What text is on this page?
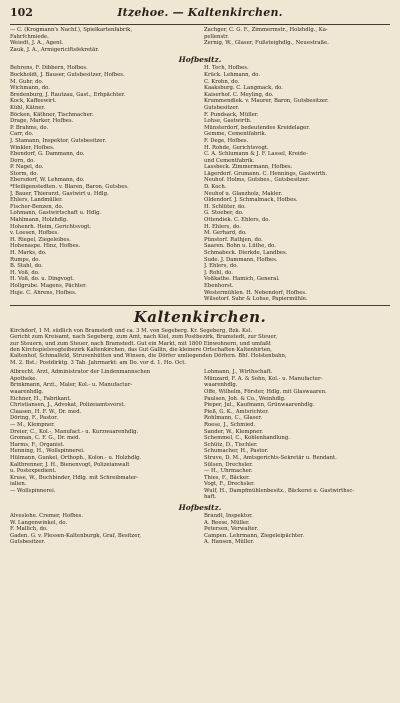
102	Itzehoe. — Kaltenkirchen.
— C. (Krogmann's Nachf.), Spielkartenfabrik,
Fahrfchmiede.
Weiedt, J. A., Agent.
Zauk, J. A., Armigericiftsfekretär.
Zachger, C. G. F., Zimmermstr., Holzhdlg., Ka-
pellenstr.
Zernig, W., Glaser, Fußsteighdlg., Neuestraße.
Hofbesitz.
Behrens, F. Dibbern, Hofbes.
Bockholdt, J. Bauser, Gutsbesitzer, Hofbes.
M. Guhr, do.
Wichmann, do.
Bredenburg, J. Rautzau, Gast., Erbpächter.
Kock, Kaffeewirt.
Kühl, Kätner.
Böcken, Käthner, Tischmacher.
Drage, Marker, Hofbes.
P. Brahms, do.
Carr, do.
J. Stamann, Inspektor, Gutsbesitzer.
Winkler, Hofbes.
Ebendorf, G. Dammann, do.
Dorn, do.
P. Nagel, do.
Storm, do.
Ebersdorf, W. Lehmann, do.
*Heiligenstedten. v. Blaren, Baron, Gutsbes.
J. Bauer, Thierarzt, Gastwirt u. Hdlg.
Ehlers, Landmüller.
Fischer-Benzen, do.
Lohmann, Gastwirtschaft u. Hdlg.
Mahlmann, Holzhdlg.
Hohenrh. Heim, Gerichtsvogt.
v. Loesen, Hofbes.
H. Riegel, Ziegeleibes.
Hohenaspe. Hinz, Hofbes.
H. Marks, do.
Rumps, do.
B. Stahl, do.
H. Voß, do.
H. Voß, do. u. Dingvogt.
Hollgrube. Magens, Pächter.
Huje. C. Ahrens, Hofbes.
H. Tech, Hofbes.
Krück. Lehmann, do.
C. Krohn, do.
Kaaksburg. C. Langmack, do.
Kaiserhof. C. Meyling, do.
Krummendiek. v. Maurer, Baron, Gutsbesitzer.
Gutsbesitzer.
F. Pundsack, Müller.
Lohse, Gastwirth.
Münsterdorf, bedeutendes Kreidelager.
Gemme, Cementfabrik.
F. Dege, Hofbes.
H. Rohde, Gerichtsvogt.
C. A. Schlumann & J. F. Lassel, Kreide-
und Cementfabrik.
Lassbeck. Zimmermann, Hofbes.
Lägerdorf. Grumann. C. Hennings, Gastwirth.
Neuhof. Holms, Gutsbes., Gutsbesitzer.
D. Koch.
Neuhof u. Glanzholz, Makler.
Oldendorf. J. Schmalmack, Hofbes.
H. Schlüter, do.
G. Stoeber, do.
Ottendiek. C. Ehlers, do.
H. Ehlers, do.
M. Gerhard, do.
Pünstorf. Rathjen, do.
Saaren. Bohn u. Lüthe, do.
Schmabeck. Dierkde, Landbes.
Sude. J. Dammann, Hofbes.
J. Ehlers, do.
J. Rohl, do.
Voßkathe. Hamich, General.
Ebenhorst.
Westermühlen. H. Nebendorf, Hofbes.
Wilsetorf. Suhr & Lohse, Papiermühle.
Kaltenkirchen.
Kirchdorf, 1 M. südlich von Bramstedt und ca. 3 M. von Segeberg. Kr. Segeberg, Bzk. Ksl.
Gericht zum Kreisamt, nach Segeberg, zum Amt, nach Kiel, zum Postbezirk, Bramstedt, zur Steuer,
zur Steuern, und zum Steuer, nach Bramstedt. Gut ein Markt, mit 1800 Einwohnern, und umfaßt
den Kirchspielsvogteibezirk Kaltenkirchen, das Gut Gallin, die kleinere Ortschaften Kaltenhirten,
Kaltenhof, Schmalfeld, Struvenhütten und Winsen, die Dörfer umliegenden Dörfern. Bhf. Holstenbahn,
M. 2. Bst.: Postdirktg. 3 Tab. Jahrmarkt: am Do. vor d. 1. Ho. Oct.
Albrecht, Arzt, Administrator der Lindenmannschen
Apotheke.
Brinkmann, Arzt., Maler, Kol.- u. Manufactur-
waarenhdlg.
Eichner, H., Fabrikant.
Christiansen, J., Advokat, Polizeiamtsvorst.
Claasen, H. F. W., Dr. med.
Döring, F., Pastor.
— M., Klempner.
Dreier, C., Kol.-, Manufact.- u. Kurzwaarenhdlg.
Groman, C. F. G., Dr. med.
Harms, F., Organist.
Henning, H., Wollspinnerei.
Hülmann, Gunkel, Orthoph., Kolon.- u. Holzhdlg.
Kaltbrenner, J. H., Bienenvogt, Polizeianwalt
u. Postexpedient.
Kruse, W., Buchbinder, Hdlg. mit Schreibmater-
ialien.
— Wollspinnerei.
Lohmann, J., Wirthschaft.
Münzard, F. A. & Sohn, Kol.- u. Manufactur-
waarenhdlg.
Offe, Wilhelm, Förster, Hdlg. mit Glaswaaren.
Paulsen, Joh. & Co., Weinhdlg.
Pieper, Jul., Kaufmann, Grünwaarenhdlg.
Pieß, G. K., Amtsrichter.
Rohlmann, C., Glaser.
Roese, J., Schmied.
Sander, W., Klempner.
Schemmel, C., Kohlenhandlung.
Schütz, D., Tischler.
Schumacher, H., Pastor.
Struve, D. M., Amtsgerichts-Sekretär u. Rendant.
Sülsen, Drechsler.
— H., Uhrmacher.
Thies, F., Bäcker.
Vogt, F., Drechsler.
Wulf, H., Dampfmühlenbesitz., Bäckerei u. Gastwirthsc-
haft.
Hofbesitz.
Alveslohe. Cremer, Hofbes.
W. Langenwinkel, do.
F. Mallich, do.
Gaden. G. v. Plessen-Kaltenburgk, Graf, Besitzer,
Gutsbesitzer.
Brandt, Inspektor.
A. Reese, Müller.
Petersen, Verwalter.
Campen. Lehrmann, Ziegeleipächter.
A. Hansen, Müller.
